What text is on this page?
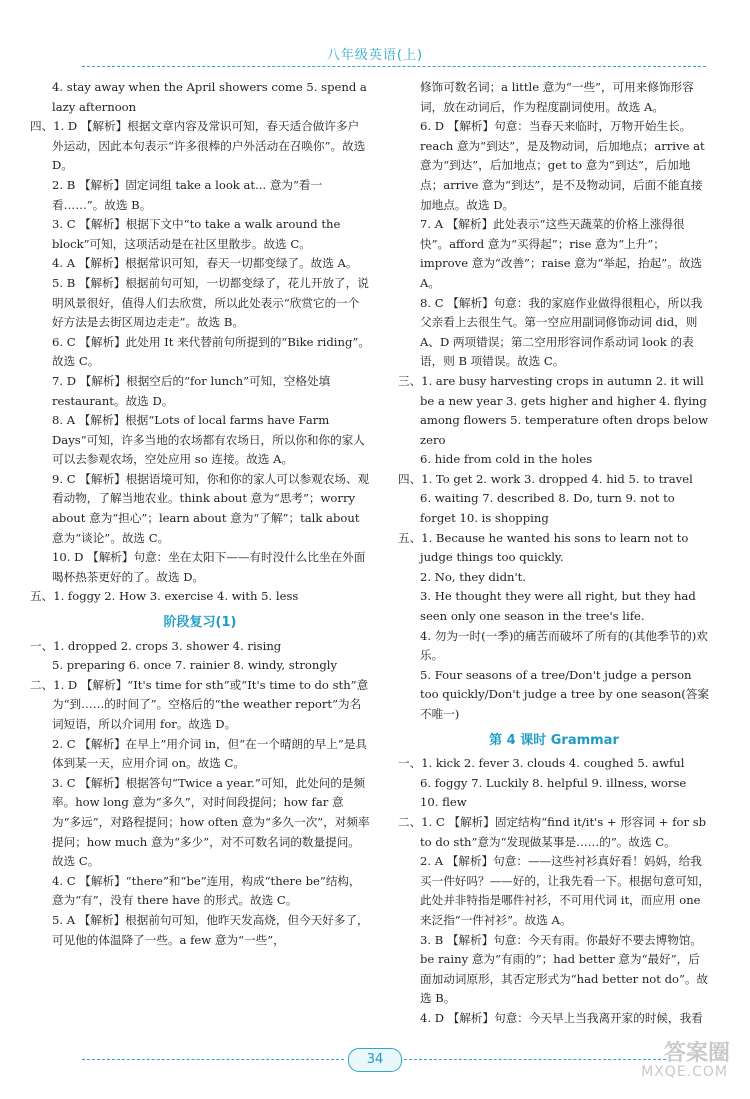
八年级英语(上)

4. stay away when the April showers come 5. spend a lazy afternoon

四、1. D 【解析】根据文章内容及常识可知，春天适合做许多户外运动，因此本句表示“许多很棒的户外活动在召唤你”。故选 D。

2. B 【解析】固定词组 take a look at... 意为“看一看……”。故选 B。

3. C 【解析】根据下文中“to take a walk around the block”可知，这项活动是在社区里散步。故选 C。

4. A 【解析】根据常识可知，春天一切都变绿了。故选 A。

5. B 【解析】根据前句可知，一切都变绿了，花儿开放了，说明风景很好，值得人们去欣赏，所以此处表示“欣赏它的一个好方法是去街区周边走走”。故选 B。

6. C 【解析】此处用 It 来代替前句所提到的“Bike riding”。故选 C。

7. D 【解析】根据空后的“for lunch”可知，空格处填 restaurant。故选 D。

8. A 【解析】根据“Lots of local farms have Farm Days”可知，许多当地的农场都有农场日，所以你和你的家人可以去参观农场，空处应用 so 连接。故选 A。

9. C 【解析】根据语境可知，你和你的家人可以参观农场、观看动物，了解当地农业。think about 意为“思考”；worry about 意为“担心”；learn about 意为“了解”；talk about 意为“谈论”。故选 C。

10. D 【解析】句意：坐在太阳下——有时没什么比坐在外面喝杯热茶更好的了。故选 D。

五、1. foggy 2. How 3. exercise 4. with 5. less

阶段复习(1)

一、1. dropped 2. crops 3. shower 4. rising

5. preparing 6. once 7. rainier 8. windy, strongly

二、1. D 【解析】“It's time for sth”或“It's time to do sth”意为“到……的时间了”。空格后的“the weather report”为名词短语，所以介词用 for。故选 D。

2. C 【解析】在早上”用介词 in，但“在一个晴朗的早上”是具体到某一天，应用介词 on。故选 C。

3. C 【解析】根据答句“Twice a year.”可知，此处问的是频率。how long 意为“多久”，对时间段提问；how far 意为“多远”，对路程提问；how often 意为“多久一次”，对频率提问；how much 意为“多少”，对不可数名词的数量提问。故选 C。

4. C 【解析】“there”和“be”连用，构成“there be”结构，意为“有”，没有 there have 的形式。故选 C。

5. A 【解析】根据前句可知，他昨天发高烧，但今天好多了，可见他的体温降了一些。a few 意为“一些”，

修饰可数名词；a little 意为“一些”，可用来修饰形容词，放在动词后，作为程度副词使用。故选 A。

6. D 【解析】句意：当春天来临时，万物开始生长。reach 意为“到达”，是及物动词，后加地点；arrive at 意为“到达”，后加地点；get to 意为“到达”，后加地点；arrive 意为“到达”，是不及物动词，后面不能直接加地点。故选 D。

7. A 【解析】此处表示“这些天蔬菜的价格上涨得很快”。afford 意为“买得起”；rise 意为“上升”；improve 意为“改善”；raise 意为“举起，抬起”。故选 A。

8. C 【解析】句意：我的家庭作业做得很粗心，所以我父亲看上去很生气。第一空应用副词修饰动词 did，则 A、D 两项错误；第二空用形容词作系动词 look 的表语，则 B 项错误。故选 C。

三、1. are busy harvesting crops in autumn 2. it will be a new year 3. gets higher and higher 4. flying among flowers 5. temperature often drops below zero

6. hide from cold in the holes

四、1. To get 2. work 3. dropped 4. hid 5. to travel

6. waiting 7. described 8. Do, turn 9. not to forget 10. is shopping

五、1. Because he wanted his sons to learn not to judge things too quickly.

2. No, they didn't.

3. He thought they were all right, but they had seen only one season in the tree's life.

4. 勿为一时(一季)的痛苦而破坏了所有的(其他季节的)欢乐。

5. Four seasons of a tree/Don't judge a person too quickly/Don't judge a tree by one season(答案不唯一)

第 4 课时 Grammar

一、1. kick 2. fever 3. clouds 4. coughed 5. awful

6. foggy 7. Luckily 8. helpful 9. illness, worse

10. flew

二、1. C 【解析】固定结构“find it/it's + 形容词 + for sb to do sth”意为“发现做某事是……的”。故选 C。

2. A 【解析】句意：——这些衬衫真好看！妈妈，给我买一件好吗？——好的，让我先看一下。根据句意可知，此处并非特指是哪件衬衫，不可用代词 it，而应用 one 来泛指“一件衬衫”。故选 A。

3. B 【解析】句意：今天有雨。你最好不要去博物馆。be rainy 意为“有雨的”；had better 意为“最好”，后面加动词原形，其否定形式为“had better not do”。故选 B。

4. D 【解析】句意：今天早上当我离开家的时候，我看

34	答案圈
MXQE.COM
